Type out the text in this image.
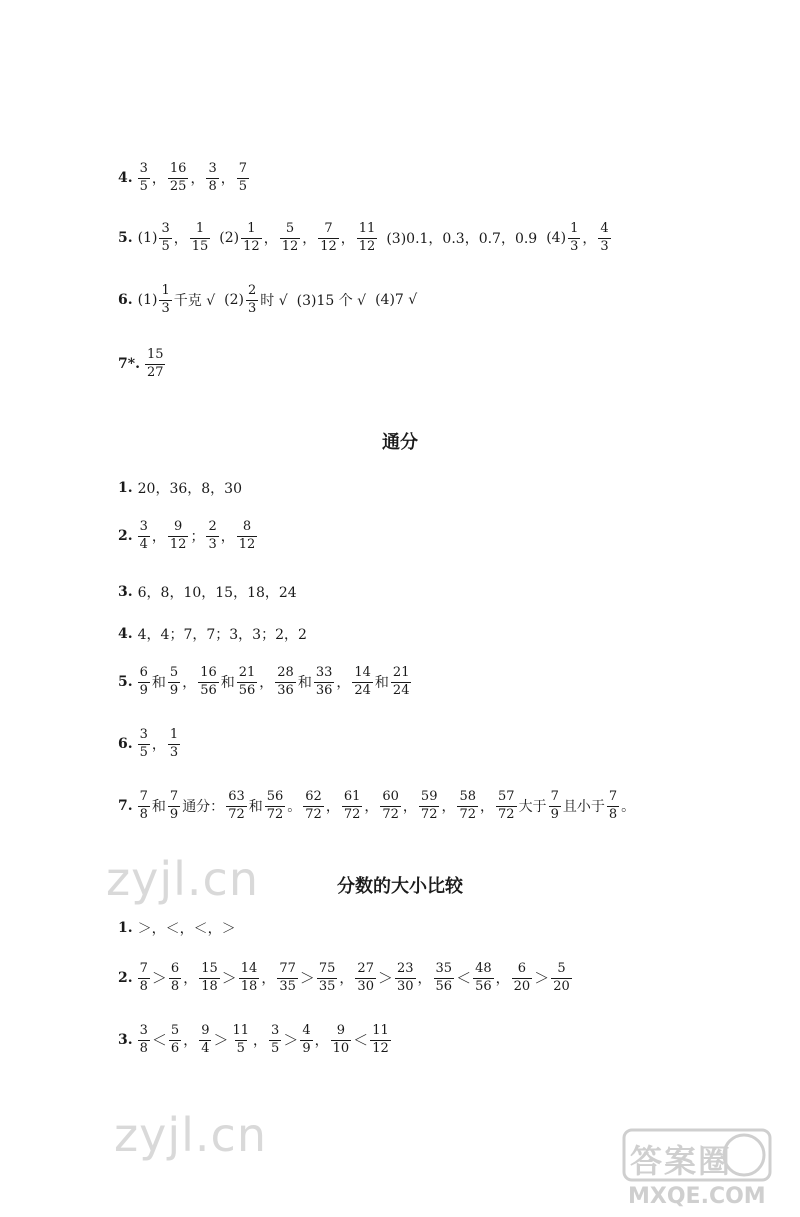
4. $\frac{3}{5}$ ， $\frac{16}{25}$ ， $\frac{3}{8}$ ， $\frac{7}{5}$
5. $(1) \frac{3}{5}$ ， $\frac{1}{15} (2) \frac{1}{12}$ ， $\frac{5}{12}$ ， $\frac{7}{12}$ ， $\frac{11}{12} (3)0.1$，0.3，0.7，0.9 $(4) \frac{1}{3}$ ， $\frac{4}{3}$
6. $(1) \frac{1}{3}$ 千克 √ $(2) \frac{2}{3}$ 时 √ (3)15 个 √ (4)7 √
7*. $\frac{15}{27}$
通分
1. 20，36，8，30
2. $\frac{3}{4}$ ， $\frac{9}{12}$ ； $\frac{2}{3}$ ， $\frac{8}{12}$
3. 6，8，10，15，18，24
4. 4，4；7，7；3，3；2，2
5. $\frac{6}{9}$ 和 $\frac{5}{9}$ ， $\frac{16}{56}$ 和 $\frac{21}{56}$ ， $\frac{28}{36}$ 和 $\frac{33}{36}$ ， $\frac{14}{24}$ 和 $\frac{21}{24}$
6. $\frac{3}{5}$ ， $\frac{1}{3}$
7. $\frac{7}{8}$ 和 $\frac{7}{9}$ 通分： $\frac{63}{72}$ 和 $\frac{56}{72}$ 。 $\frac{62}{72}$ ， $\frac{61}{72}$ ， $\frac{60}{72}$ ， $\frac{59}{72}$ ， $\frac{58}{72}$ ， $\frac{57}{72}$ 大于 $\frac{7}{9}$ 且小于 $\frac{7}{8}$ 。
zyjl.cn	分数的大小比较
1. ＞，＜，＜，＞
2. $\frac{7}{8} > \frac{6}{8}$ ， $\frac{15}{18} > \frac{14}{18}$ ， $\frac{77}{35} > \frac{75}{35}$ ， $\frac{27}{30} > \frac{23}{30}$ ， $\frac{35}{56} < \frac{48}{56}$ ， $\frac{6}{20} > \frac{5}{20}$
3. $\frac{3}{8} < \frac{5}{6}$ ， $\frac{9}{4} > \frac{11}{5}$ ， $\frac{3}{5} > \frac{4}{9}$ ， $\frac{9}{10} < \frac{11}{12}$
zyjl.cn	答案圈
MXQE.COM
